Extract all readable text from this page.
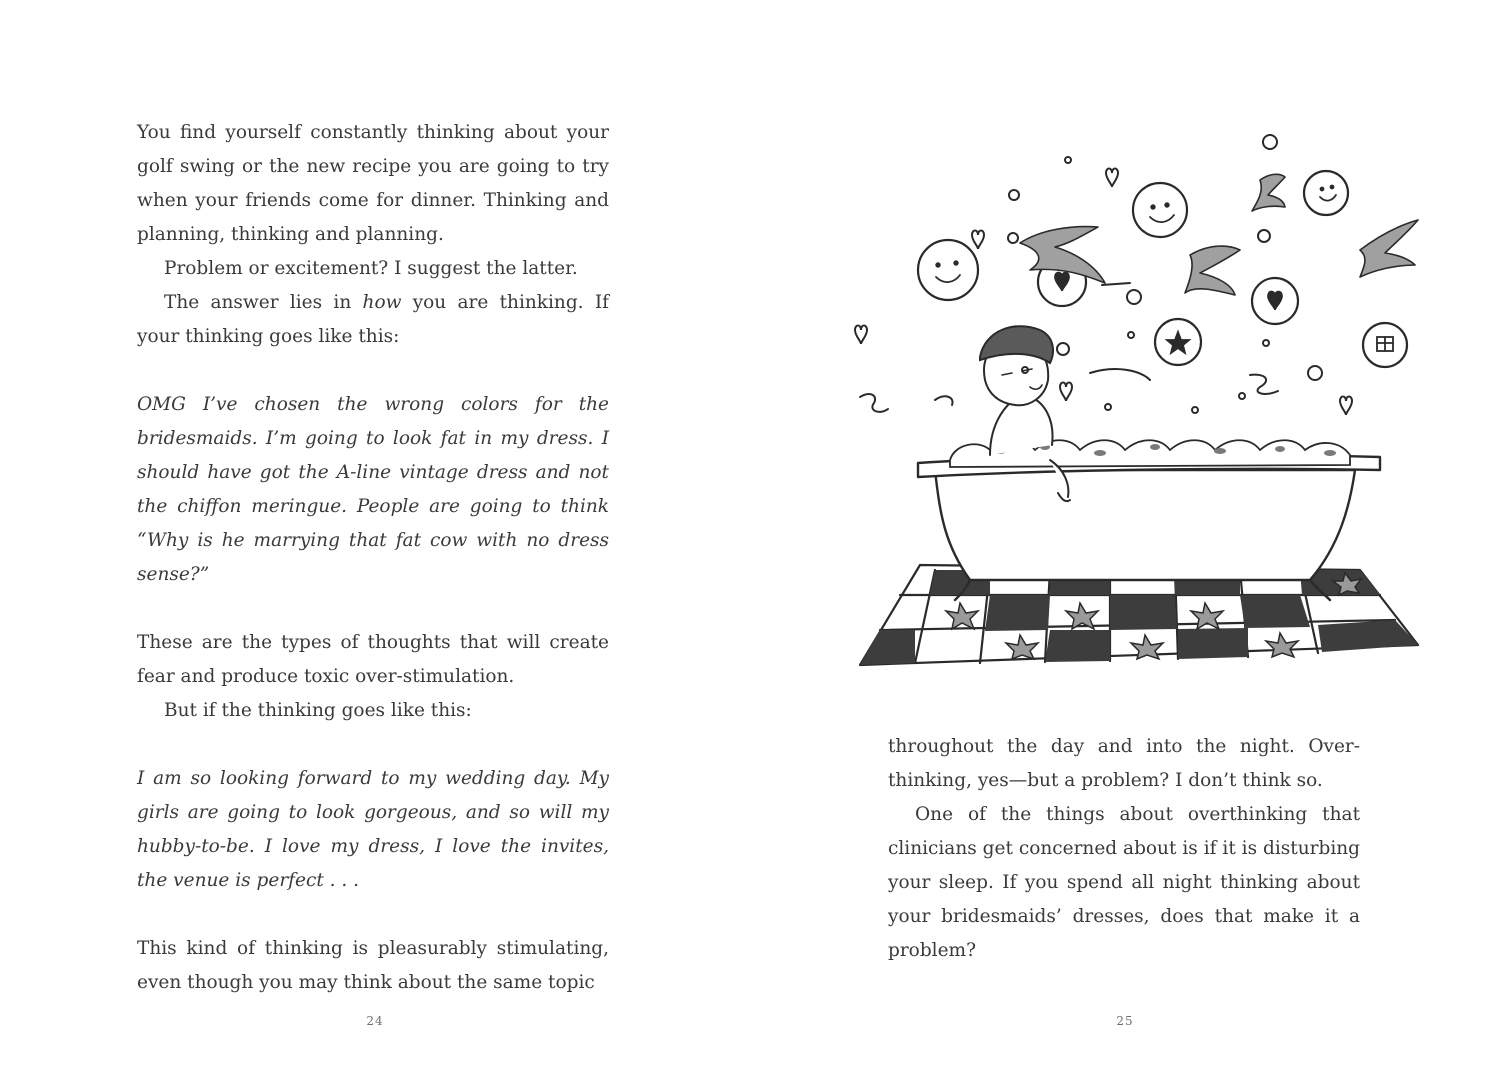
You find yourself constantly thinking about your golf swing or the new recipe you are going to try when your friends come for dinner. Thinking and planning, thinking and planning.

Problem or excitement? I suggest the latter.

The answer lies in how you are thinking. If your thinking goes like this:

OMG I’ve chosen the wrong colors for the bridesmaids. I’m going to look fat in my dress. I should have got the A-line vintage dress and not the chiffon meringue. People are going to think “Why is he marrying that fat cow with no dress sense?”

These are the types of thoughts that will create fear and produce toxic over-stimulation.

But if the thinking goes like this:

I am so looking forward to my wedding day. My girls are going to look gorgeous, and so will my hubby-to-be. I love my dress, I love the invites, the venue is perfect . . .

This kind of thinking is pleasurably stimulating, even though you may think about the same topic

24

throughout the day and into the night. Over-thinking, yes—but a problem? I don’t think so.

One of the things about overthinking that clinicians get concerned about is if it is disturbing your sleep. If you spend all night thinking about your bridesmaids’ dresses, does that make it a problem?

25
